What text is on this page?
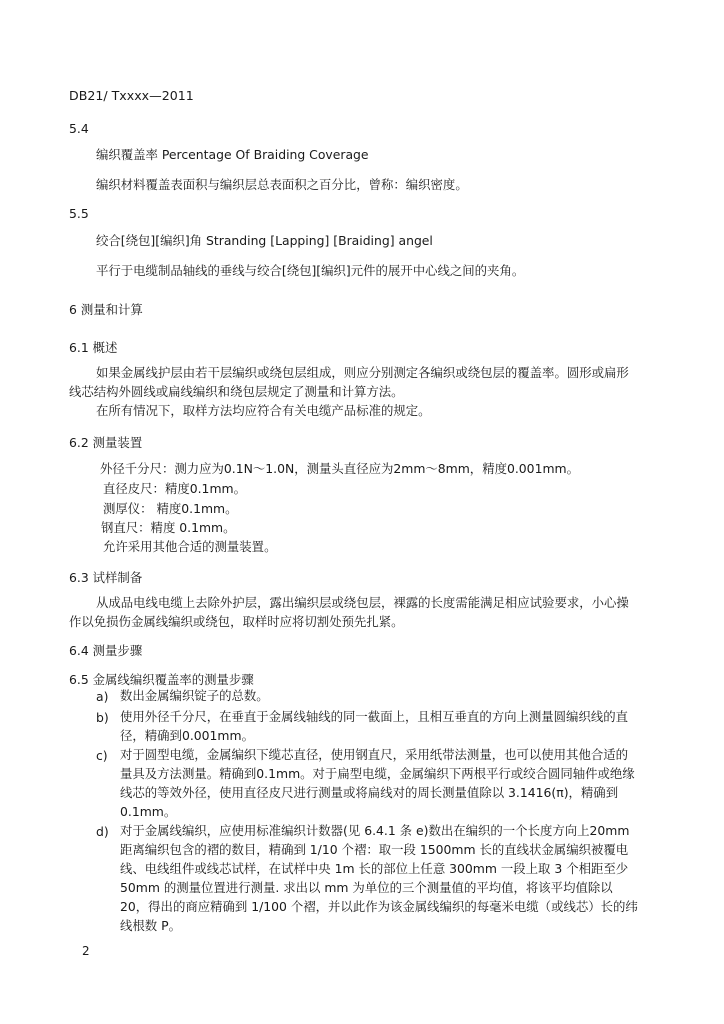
DB21/ Txxxx—2011
5.4
编织覆盖率 Percentage Of Braiding Coverage
编织材料覆盖表面积与编织层总表面积之百分比，曾称：编织密度。
5.5
绞合[绕包][编织]角 Stranding [Lapping] [Braiding] angel
平行于电缆制品轴线的垂线与绞合[绕包][编织]元件的展开中心线之间的夹角。
6 测量和计算
6.1 概述
如果金属线护层由若干层编织或绕包层组成，则应分别测定各编织或绕包层的覆盖率。圆形或扁形线芯结构外圆线或扁线编织和绕包层规定了测量和计算方法。
在所有情况下，取样方法均应符合有关电缆产品标准的规定。
6.2 测量装置
外径千分尺：测力应为0.1N～1.0N，测量头直径应为2mm～8mm，精度0.001mm。
直径皮尺：精度0.1mm。
测厚仪： 精度0.1mm。
钢直尺：精度 0.1mm。
允许采用其他合适的测量装置。
6.3 试样制备
从成品电线电缆上去除外护层，露出编织层或绕包层，裸露的长度需能满足相应试验要求，小心操作以免损伤金属线编织或绕包，取样时应将切割处预先扎紧。
6.4 测量步骤
6.5 金属线编织覆盖率的测量步骤
a) 数出金属编织锭子的总数。
b) 使用外径千分尺，在垂直于金属线轴线的同一截面上，且相互垂直的方向上测量圆编织线的直径，精确到0.001mm。
c) 对于圆型电缆，金属编织下缆芯直径，使用钢直尺，采用纸带法测量，也可以使用其他合适的量具及方法测量。精确到0.1mm。对于扁型电缆，金属编织下两根平行或绞合圆同轴件或绝缘线芯的等效外径，使用直径皮尺进行测量或将扁线对的周长测量值除以 3.1416(π)，精确到0.1mm。
d) 对于金属线编织，应使用标准编织计数器(见 6.4.1 条 e)数出在编织的一个长度方向上20mm 距离编织包含的褶的数目，精确到 1/10 个褶：取一段 1500mm 长的直线状金属编织被覆电线、电线组件或线芯试样，在试样中央 1m 长的部位上任意 300mm 一段上取 3 个相距至少 50mm 的测量位置进行测量. 求出以 mm 为单位的三个测量值的平均值，将该平均值除以 20，得出的商应精确到 1/100 个褶，并以此作为该金属线编织的每毫米电缆（或线芯）长的纬线根数 P。
2
